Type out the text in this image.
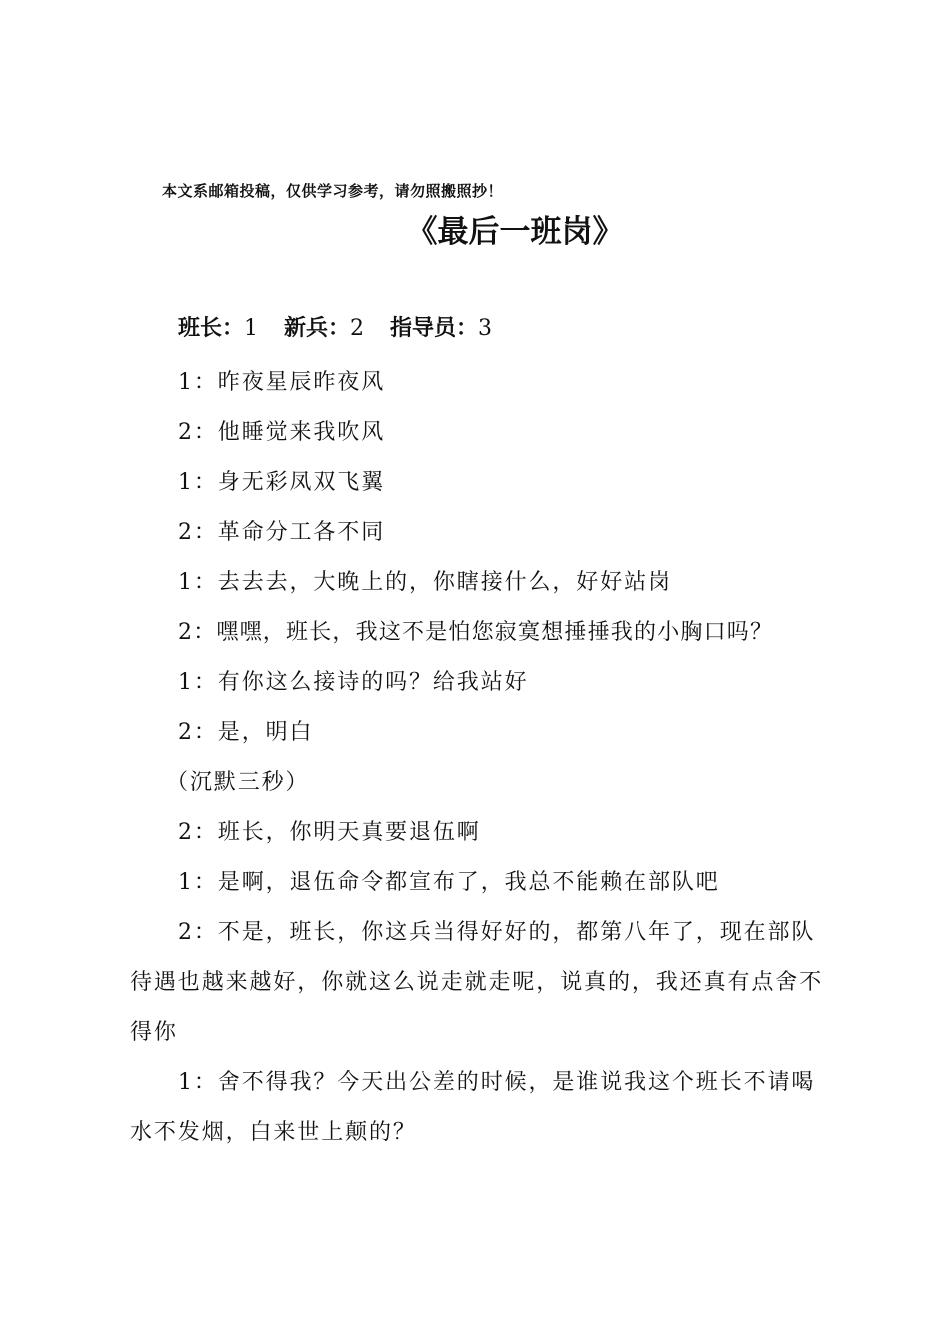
本文系邮箱投稿，仅供学习参考，请勿照搬照抄！
《最后一班岗》
班长：1 新兵：2 指导员：3
1：昨夜星辰昨夜风
2：他睡觉来我吹风
1：身无彩凤双飞翼
2：革命分工各不同
1：去去去，大晚上的，你瞎接什么，好好站岗
2：嘿嘿，班长，我这不是怕您寂寞想捶捶我的小胸口吗？
1：有你这么接诗的吗？给我站好
2：是，明白
（沉默三秒）
2：班长，你明天真要退伍啊
1：是啊，退伍命令都宣布了，我总不能赖在部队吧
2：不是，班长，你这兵当得好好的，都第八年了，现在部队待遇也越来越好，你就这么说走就走呢，说真的，我还真有点舍不得你
1：舍不得我？今天出公差的时候，是谁说我这个班长不请喝水不发烟，白来世上颠的？
